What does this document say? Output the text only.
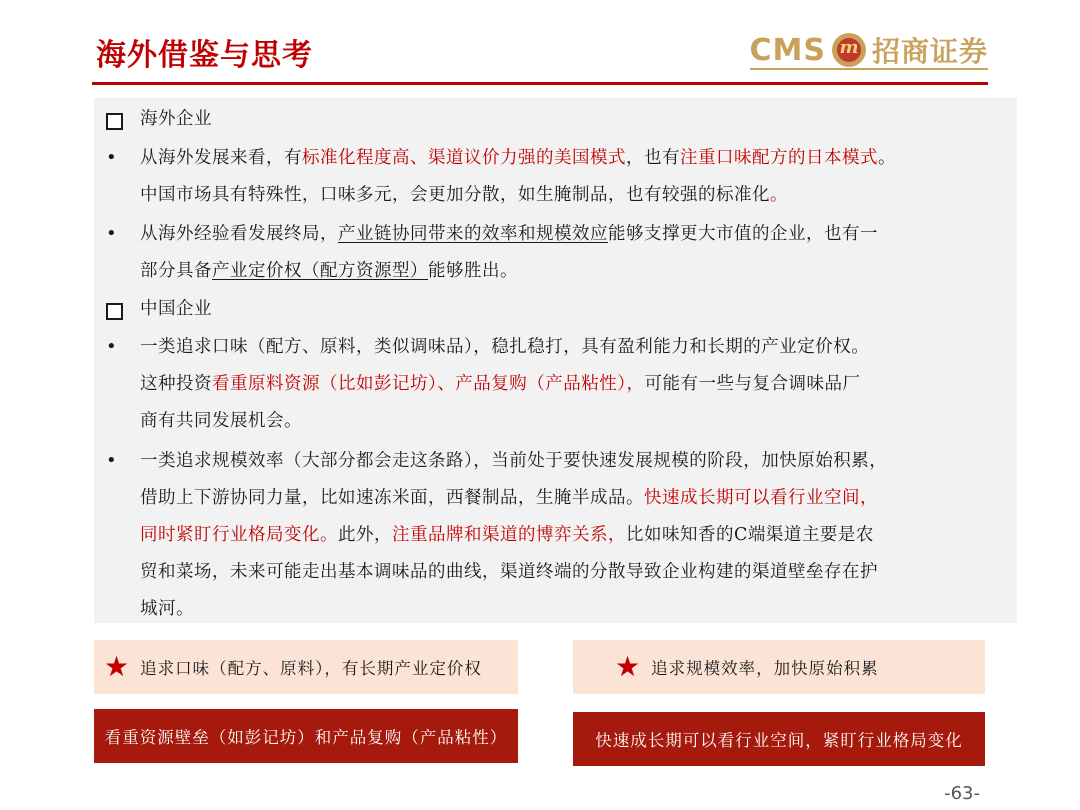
海外借鉴与思考	CMS
m 招商证券
海外企业
• 从海外发展来看，有标准化程度高、渠道议价力强的美国模式，也有注重口味配方的日本模式。
中国市场具有特殊性，口味多元，会更加分散，如生腌制品，也有较强的标准化。
• 从海外经验看发展终局，产业链协同带来的效率和规模效应能够支撑更大市值的企业，也有一
部分具备产业定价权（配方资源型）能够胜出。
中国企业
• 一类追求口味（配方、原料，类似调味品），稳扎稳打，具有盈利能力和长期的产业定价权。
这种投资看重原料资源（比如彭记坊）、产品复购（产品粘性），可能有一些与复合调味品厂
商有共同发展机会。
• 一类追求规模效率（大部分都会走这条路），当前处于要快速发展规模的阶段，加快原始积累，
借助上下游协同力量，比如速冻米面，西餐制品，生腌半成品。快速成长期可以看行业空间，
同时紧盯行业格局变化。此外，注重品牌和渠道的博弈关系，比如味知香的C端渠道主要是农
贸和菜场，未来可能走出基本调味品的曲线，渠道终端的分散导致企业构建的渠道壁垒存在护
城河。
★ 追求口味（配方、原料），有长期产业定价权	★ 追求规模效率，加快原始积累
看重资源壁垒（如彭记坊）和产品复购（产品粘性）	快速成长期可以看行业空间，紧盯行业格局变化
-63-
